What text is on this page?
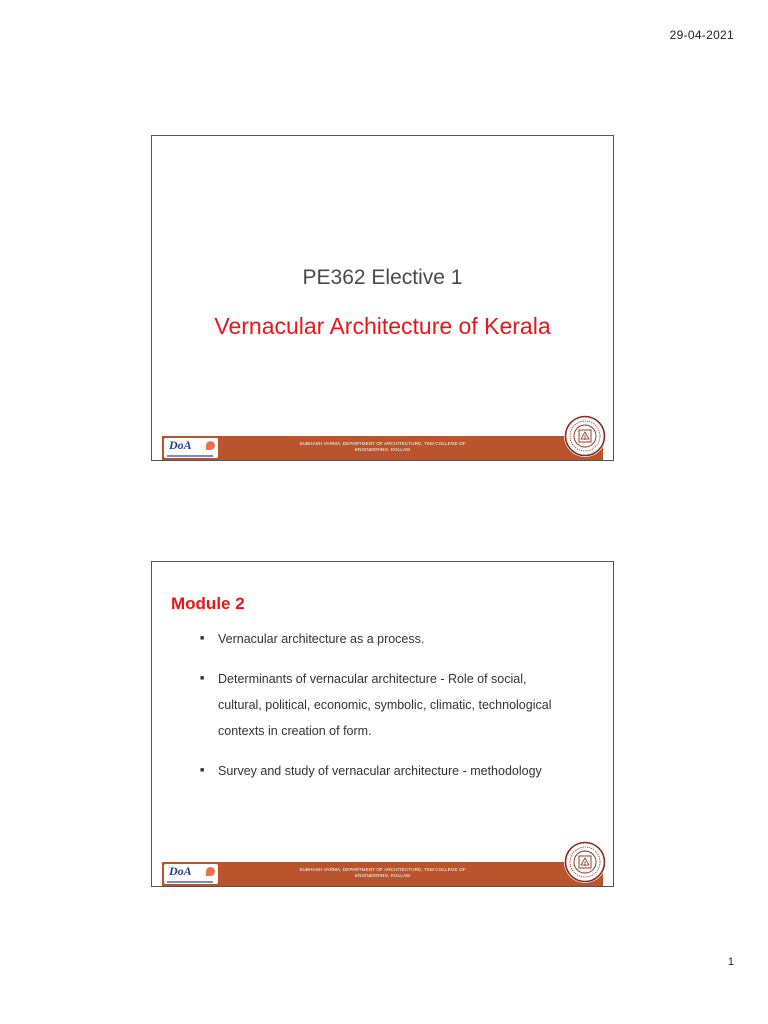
29-04-2021
PE362 Elective 1
Vernacular Architecture of Kerala
DoA	SUBHASH VARMA, DEPARTMENT OF ARCHITECTURE, TKM COLLEGE OF
ENGINEERING, KOLLAM
Module 2
■	Vernacular architecture as a process.
■	Determinants of vernacular architecture - Role of social, cultural, political, economic, symbolic, climatic, technological contexts in creation of form.
■	Survey and study of vernacular architecture - methodology
DoA	SUBHASH VARMA, DEPARTMENT OF ARCHITECTURE, TKM COLLEGE OF
ENGINEERING, KOLLAM
1
